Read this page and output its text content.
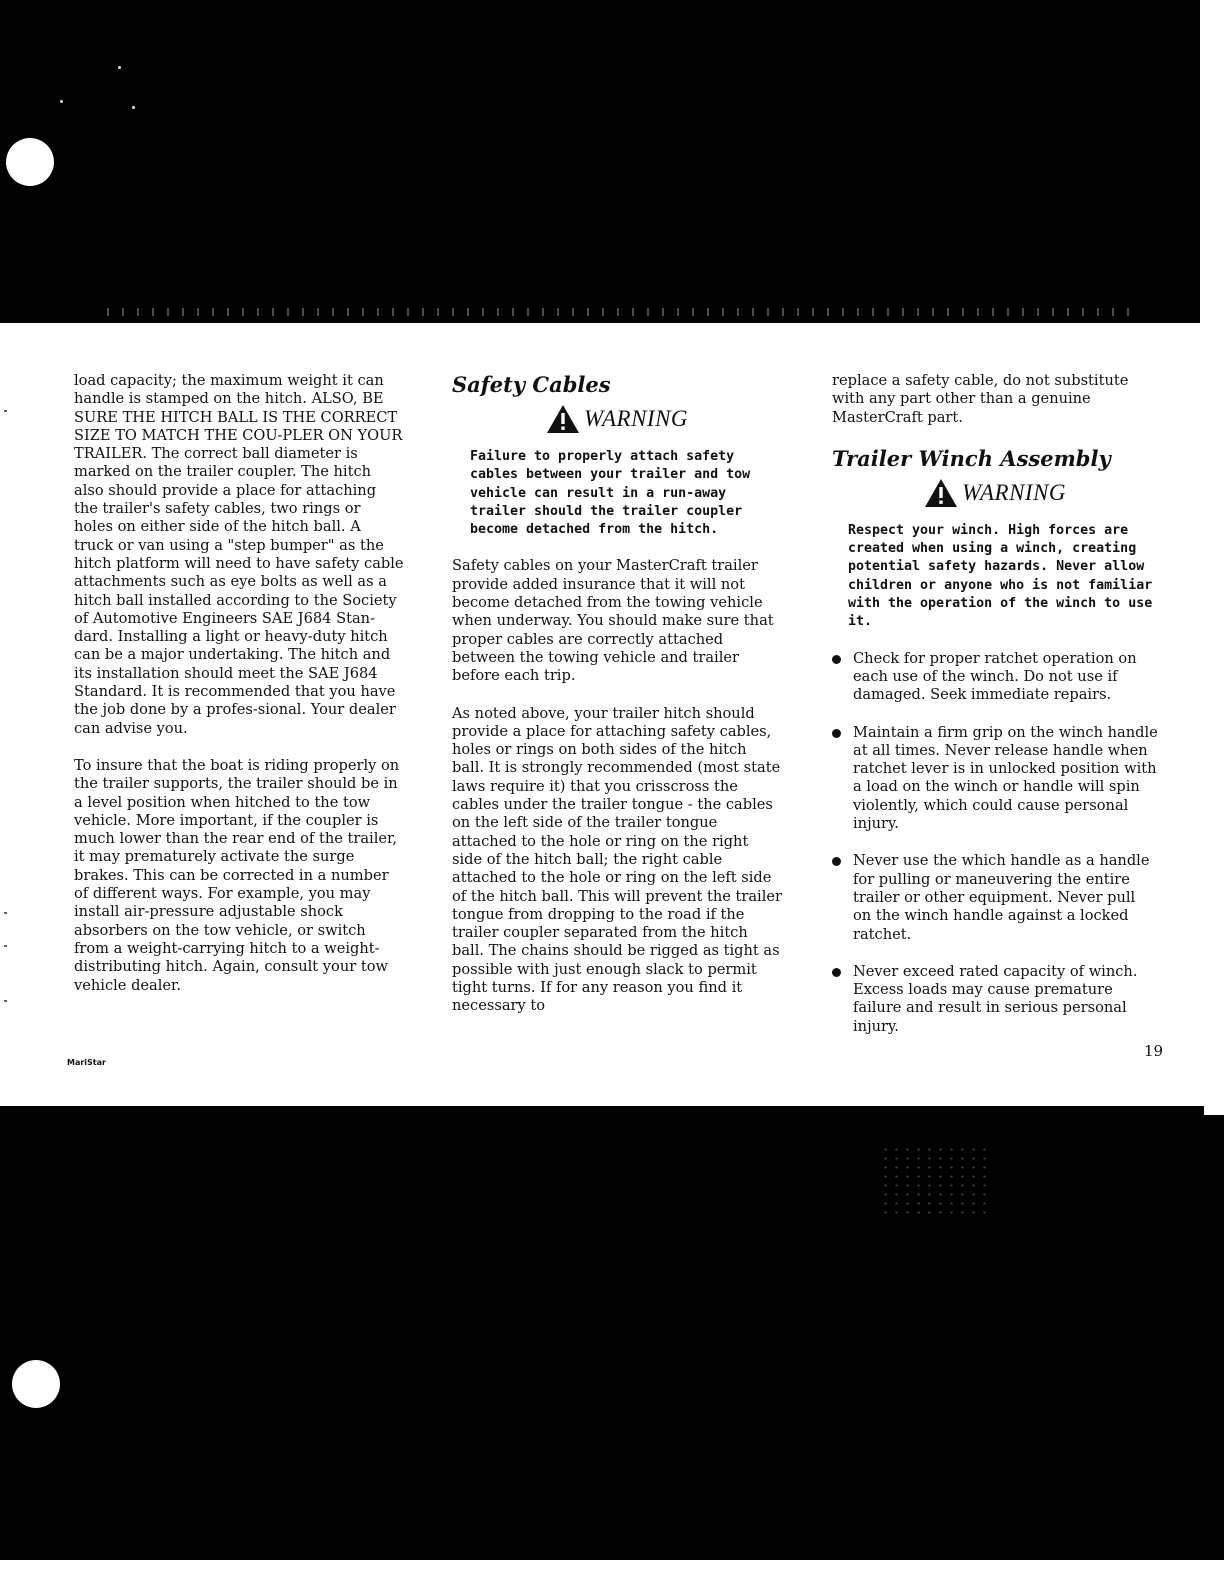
load capacity; the maximum weight it can handle is stamped on the hitch. ALSO, BE SURE THE HITCH BALL IS THE CORRECT SIZE TO MATCH THE COU-PLER ON YOUR TRAILER. The correct ball diameter is marked on the trailer coupler. The hitch also should provide a place for attaching the trailer's safety cables, two rings or holes on either side of the hitch ball. A truck or van using a "step bumper" as the hitch platform will need to have safety cable attachments such as eye bolts as well as a hitch ball installed according to the Society of Automotive Engineers SAE J684 Stan-dard. Installing a light or heavy-duty hitch can be a major undertaking. The hitch and its installation should meet the SAE J684 Standard. It is recommended that you have the job done by a profes-sional. Your dealer can advise you.

To insure that the boat is riding properly on the trailer supports, the trailer should be in a level position when hitched to the tow vehicle. More important, if the coupler is much lower than the rear end of the trailer, it may prematurely activate the surge brakes. This can be corrected in a number of different ways. For example, you may install air-pressure adjustable shock absorbers on the tow vehicle, or switch from a weight-carrying hitch to a weight-distributing hitch. Again, consult your tow vehicle dealer.

Safety Cables
WARNING
Failure to properly attach safety cables between your trailer and tow vehicle can result in a run-away trailer should the trailer coupler become detached from the hitch.

Safety cables on your MasterCraft trailer provide added insurance that it will not become detached from the towing vehicle when underway. You should make sure that proper cables are correctly attached between the towing vehicle and trailer before each trip.

As noted above, your trailer hitch should provide a place for attaching safety cables, holes or rings on both sides of the hitch ball. It is strongly recommended (most state laws require it) that you crisscross the cables under the trailer tongue - the cables on the left side of the trailer tongue attached to the hole or ring on the right side of the hitch ball; the right cable attached to the hole or ring on the left side of the hitch ball. This will prevent the trailer tongue from dropping to the road if the trailer coupler separated from the hitch ball. The chains should be rigged as tight as possible with just enough slack to permit tight turns. If for any reason you find it necessary to

replace a safety cable, do not substitute with any part other than a genuine MasterCraft part.

Trailer Winch Assembly
WARNING
Respect your winch. High forces are created when using a winch, creating potential safety hazards. Never allow children or anyone who is not familiar with the operation of the winch to use it.
Check for proper ratchet operation on each use of the winch. Do not use if damaged. Seek immediate repairs.
Maintain a firm grip on the winch handle at all times. Never release handle when ratchet lever is in unlocked position with a load on the winch or handle will spin violently, which could cause personal injury.
Never use the which handle as a handle for pulling or maneuvering the entire trailer or other equipment. Never pull on the winch handle against a locked ratchet.
Never exceed rated capacity of winch. Excess loads may cause premature failure and result in serious personal injury.
MariStar
19
